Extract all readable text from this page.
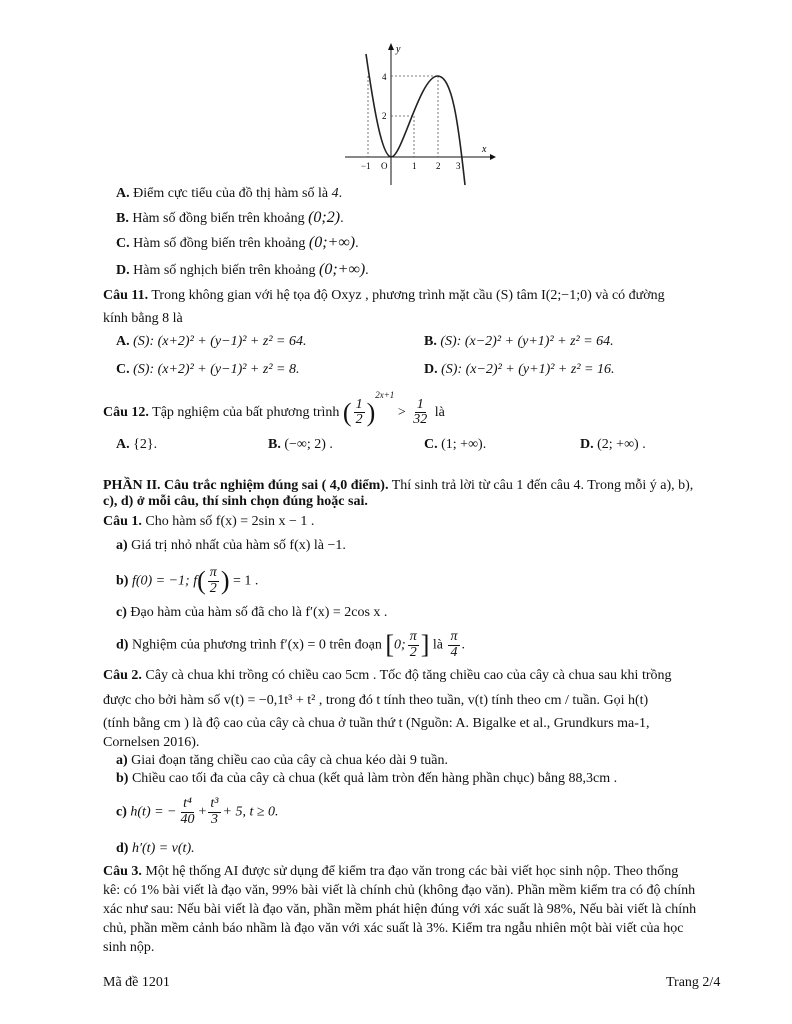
y
x
4
2
−1 O	1 2 3
A. Điểm cực tiểu của đồ thị hàm số là 4.
B. Hàm số đồng biến trên khoảng (0;2).
C. Hàm số đồng biến trên khoảng (0;+∞).
D. Hàm số nghịch biến trên khoảng (0;+∞).
Câu 11. Trong không gian với hệ tọa độ Oxyz , phương trình mặt cầu (S) tâm I(2;−1;0) và có đường
kính bằng 8 là
A. (S): (x+2)² + (y−1)² + z² = 64.	B. (S): (x−2)² + (y+1)² + z² = 64.
C. (S): (x+2)² + (y−1)² + z² = 8.	D. (S): (x−2)² + (y+1)² + z² = 16.
Câu 12. Tập nghiệm của bất phương trình ( $\frac{1}{2} )^{2x+1} > \frac{1}{32}$ là
A. {2}.	B. (−∞; 2) .	C. (1; +∞).	D. (2; +∞) .
PHẦN II. Câu trắc nghiệm đúng sai ( 4,0 điểm). Thí sinh trả lời từ câu 1 đến câu 4. Trong mỗi ý a), b),
c), d) ở mỗi câu, thí sinh chọn đúng hoặc sai.
Câu 1. Cho hàm số f(x) = 2sin x − 1 .
a) Giá trị nhỏ nhất của hàm số f(x) là −1.
b) f(0) = −1; $f( \frac{\pi}{2}$ ) = 1 .
c) Đạo hàm của hàm số đã cho là f′(x) = 2cos x .
d) Nghiệm của phương trình f′(x) = 0 trên đoạn [0; $\frac{\pi}{2}$ ] là $\frac{\pi}{4}$ .
Câu 2. Cây cà chua khi trồng có chiều cao 5cm . Tốc độ tăng chiều cao của cây cà chua sau khi trồng
được cho bởi hàm số v(t) = −0,1t³ + t² , trong đó t tính theo tuần, v(t) tính theo cm / tuần. Gọi h(t)
(tính bằng cm ) là độ cao của cây cà chua ở tuần thứ t (Nguồn: A. Bigalke et al., Grundkurs ma-1,
Cornelsen 2016).
a) Giai đoạn tăng chiều cao của cây cà chua kéo dài 9 tuần.
b) Chiều cao tối đa của cây cà chua (kết quả làm tròn đến hàng phần chục) bằng 88,3cm .
c) h(t) = − $\frac{\text{t⁴}}{40} + \frac{\text{t³}}{3} + 5$, t ≥ 0.
d) h′(t) = v(t).
Câu 3. Một hệ thống AI được sử dụng để kiểm tra đạo văn trong các bài viết học sinh nộp. Theo thống
kê: có 1% bài viết là đạo văn, 99% bài viết là chính chủ (không đạo văn). Phần mềm kiểm tra có độ chính
xác như sau: Nếu bài viết là đạo văn, phần mềm phát hiện đúng với xác suất là 98%, Nếu bài viết là chính
chủ, phần mềm cảnh báo nhầm là đạo văn với xác suất là 3%. Kiểm tra ngẫu nhiên một bài viết của học
sinh nộp.
Mã đề 1201	Trang 2/4
